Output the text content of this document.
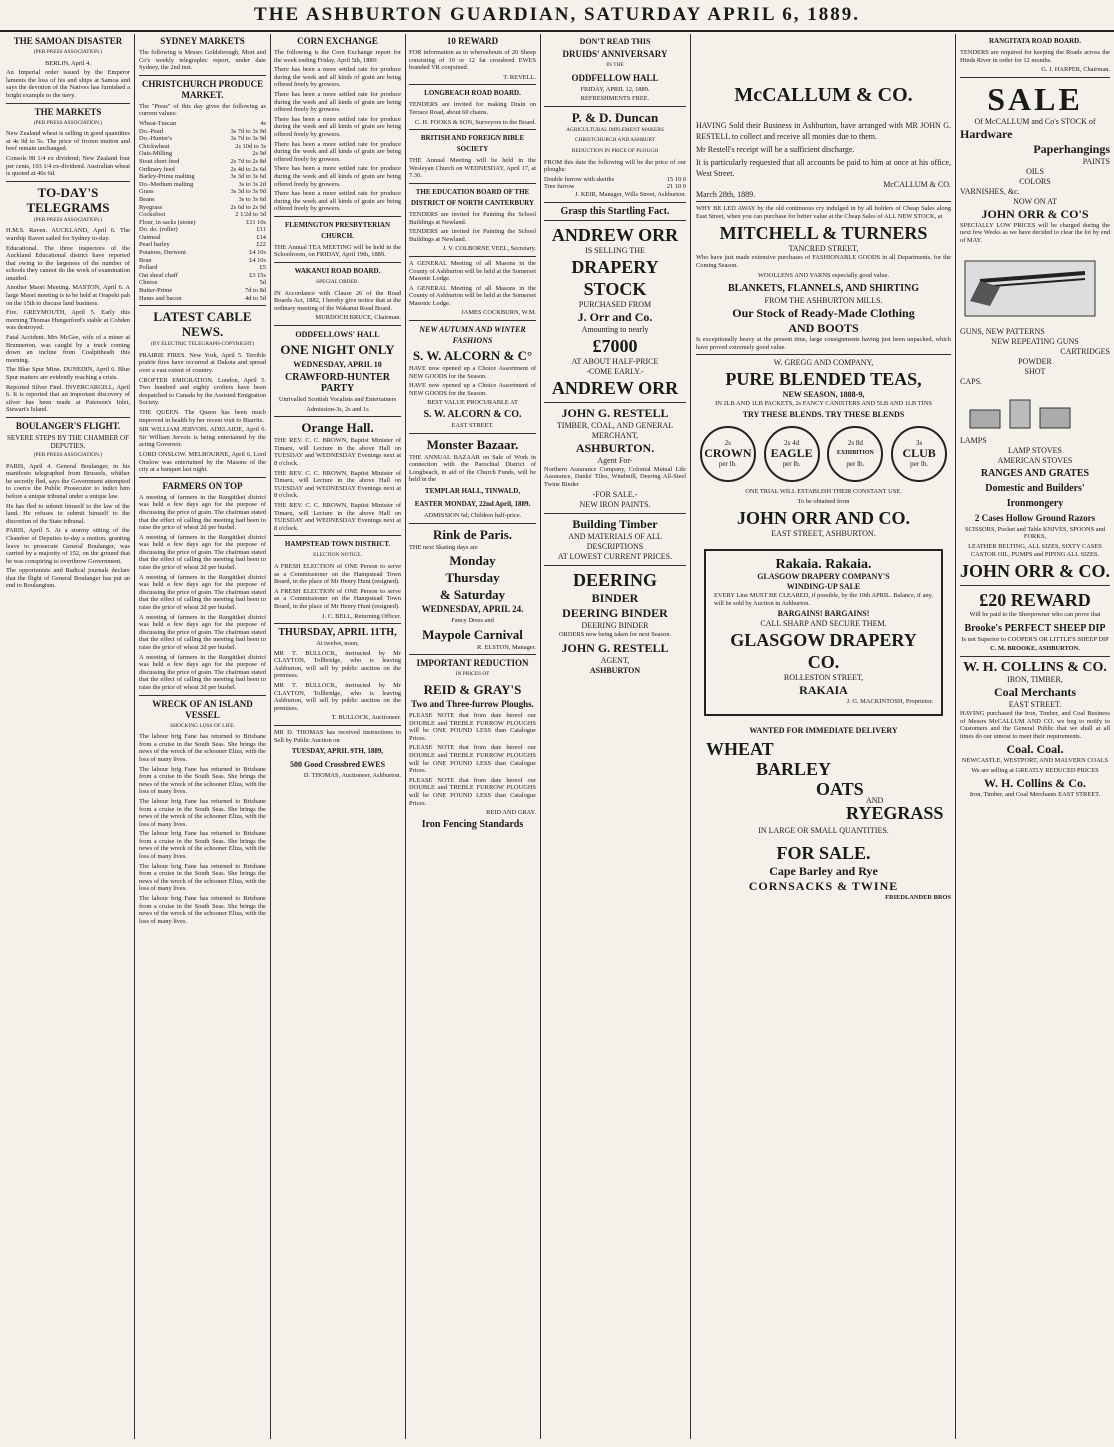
THE ASHBURTON GUARDIAN, SATURDAY APRIL 6, 1889.
THE SAMOAN DISASTER
(PER PRESS ASSOCIATION.)
BERLIN, April 4.
An Imperial order issued by the Emperor laments the loss of his and ships at Samoa and says the devotion of the Natives has furnished a bright example to the navy.
THE MARKETS
(PER PRESS ASSOCIATION.)
New Zealand wheat is selling in good quantities at 4s 9d to 5s. The price of frozen mutton and beef remain unchanged.
Consols 98 1/4 ex dividend; New Zealand four per cents, 103 1/4 ex-dividend. Australian wheat is quoted at 40s 6d.
TO-DAY'S TELEGRAMS
(PER PRESS ASSOCIATION.)
H.M.S. Raven. AUCKLAND, April 6. The warship Raven sailed for Sydney to-day.
Educational. The three inspectors of the Auckland Educational district have reported that owing to the largeness of the number of schools they cannot do the work of examination unaided.
Another Maori Meeting. MASTON, April 6. A large Maori meeting is to be held at Orapeki pah on the 15th to discuss land business.
Fire. GREYMOUTH, April 5. Early this morning Thomas Hungerford's stable at Cobden was destroyed.
Fatal Accident. Mrs McGee, wife of a miner at Brunnerton, was caught by a truck coming down an incline from Coalpitheath this morning.
The Blue Spur Mine. DUNEDIN, April 6. Blue Spur matters are evidently reaching a crisis.
Reported Silver Find. INVERCARGILL, April 6. It is reported that an important discovery of silver has been made at Paterson's Inlet, Stewart's Island.
BOULANGER'S FLIGHT.
SEVERE STEPS BY THE CHAMBER OF DEPUTIES.
(PER PRESS ASSOCIATION.)
PARIS, April 4. General Boulanger, in his manifesto telegraphed from Brussels, whither he secretly fled, says the Government attempted to coerce the Public Prosecutor to indict him before a unique tribunal under a unique law.
He has fled to submit himself to the law of the land. He refuses to submit himself to the discretion of the State tribunal.
PARIS, April 5. At a stormy sitting of the Chamber of Deputies to-day a motion, granting leave to prosecute General Boulanger, was carried by a majority of 152, on the ground that he was conspiring to overthrow Government.
The opportunists and Radical journals declare that the flight of General Boulanger has put an end to Boulangism.
SYDNEY MARKETS
The following is Messrs Goldsbrough, Mort and Co's weekly telegraphic report, under date Sydney, the 2nd inst.
CHRISTCHURCH PRODUCE MARKET.
The "Press" of this day gives the following as current values:
Wheat-Tuscan	4s
Do.-Pearl	3s 7d to 3s 9d
Do.-Hunter's	3s 7d to 3s 9d
Chickwheat	2s 10d to 3s
Oats-Milling	2s 9d
Stout short feed	2s 7d to 2s 8d
Ordinary feed	2s 4d to 2s 6d
Barley-Prime malting	3s 3d to 3s 6d
Do.-Medium malting	3s to 3s 2d
Grass	3s 3d to 3s 9d
Beans	3s to 3s 6d
Ryegrass	2s 6d to 2s 9d
Cocksfoot	2 1/2d to 3d
Flour, in sacks (stone)	£11 10s
Do. do. (roller)	£11
Oatmeal	£14
Pearl barley	£22
Potatoes, Derwent	£4 10s
Bran	£4 10s
Pollard	£5
Oat sheaf chaff	£3 15s
Cheese	5d
Butter-Prime	7d to 8d
Hams and bacon	4d to 5d
LATEST CABLE NEWS.
(BY ELECTRIC TELEGRAPH-COPYRIGHT)
PRAIRIE FIRES. New York, April 5. Terrible prairie fires have occurred at Dakota and spread over a vast extent of country.
CROFTER EMIGRATION. London, April 5. Two hundred and eighty crofters have been despatched to Canada by the Assisted Emigration Society.
THE QUEEN. The Queen has been much improved in health by her recent visit to Biarritz.
SIR WILLIAM JERVOIS. ADELAIDE, April 6. Sir William Jervois is being entertained by the acting Governor.
LORD ONSLOW. MELBOURNE, April 6. Lord Onslow was entertained by the Masons of the city at a banquet last night.
FARMERS ON TOP
A meeting of farmers in the Rangitikei district was held a few days ago for the purpose of discussing the price of grain. The chairman stated that the effect of calling the meeting had been to raise the price of wheat 2d per bushel.
A meeting of farmers in the Rangitikei district was held a few days ago for the purpose of discussing the price of grain. The chairman stated that the effect of calling the meeting had been to raise the price of wheat 2d per bushel.
A meeting of farmers in the Rangitikei district was held a few days ago for the purpose of discussing the price of grain. The chairman stated that the effect of calling the meeting had been to raise the price of wheat 2d per bushel.
A meeting of farmers in the Rangitikei district was held a few days ago for the purpose of discussing the price of grain. The chairman stated that the effect of calling the meeting had been to raise the price of wheat 2d per bushel.
A meeting of farmers in the Rangitikei district was held a few days ago for the purpose of discussing the price of grain. The chairman stated that the effect of calling the meeting had been to raise the price of wheat 2d per bushel.
WRECK OF AN ISLAND VESSEL
SHOCKING LOSS OF LIFE.
The labour brig Fane has returned to Brisbane from a cruise in the South Seas. She brings the news of the wreck of the schooner Eliza, with the loss of many lives.
The labour brig Fane has returned to Brisbane from a cruise in the South Seas. She brings the news of the wreck of the schooner Eliza, with the loss of many lives.
The labour brig Fane has returned to Brisbane from a cruise in the South Seas. She brings the news of the wreck of the schooner Eliza, with the loss of many lives.
The labour brig Fane has returned to Brisbane from a cruise in the South Seas. She brings the news of the wreck of the schooner Eliza, with the loss of many lives.
The labour brig Fane has returned to Brisbane from a cruise in the South Seas. She brings the news of the wreck of the schooner Eliza, with the loss of many lives.
The labour brig Fane has returned to Brisbane from a cruise in the South Seas. She brings the news of the wreck of the schooner Eliza, with the loss of many lives.
CORN EXCHANGE
The following is the Corn Exchange report for the week ending Friday, April 5th, 1889:
There has been a more settled rate for produce during the week and all kinds of grain are being offered freely by growers.
There has been a more settled rate for produce during the week and all kinds of grain are being offered freely by growers.
There has been a more settled rate for produce during the week and all kinds of grain are being offered freely by growers.
There has been a more settled rate for produce during the week and all kinds of grain are being offered freely by growers.
There has been a more settled rate for produce during the week and all kinds of grain are being offered freely by growers.
There has been a more settled rate for produce during the week and all kinds of grain are being offered freely by growers.
FLEMINGTON PRESBYTERIAN CHURCH.
THE Annual TEA MEETING will be held in the Schoolroom, on FRIDAY, April 19th, 1889.
WAKANUI ROAD BOARD.
SPECIAL ORDER.
IN Accordance with Clause 26 of the Road Boards Act, 1882, I hereby give notice that at the ordinary meeting of the Wakanui Road Board.
MURDOCH BRUCE, Chairman.
ODDFELLOWS' HALL
ONE NIGHT ONLY
WEDNESDAY, APRIL 10
CRAWFORD-HUNTER PARTY
Unrivalled Scottish Vocalists and Entertainers
Admission-3s, 2s and 1s
Orange Hall.
THE REV. C. C. BROWN, Baptist Minister of Timaru, will Lecture in the above Hall on TUESDAY and WEDNESDAY Evenings next at 8 o'clock.
THE REV. C. C. BROWN, Baptist Minister of Timaru, will Lecture in the above Hall on TUESDAY and WEDNESDAY Evenings next at 8 o'clock.
THE REV. C. C. BROWN, Baptist Minister of Timaru, will Lecture in the above Hall on TUESDAY and WEDNESDAY Evenings next at 8 o'clock.
HAMPSTEAD TOWN DISTRICT.
ELECTION NOTICE.
A FRESH ELECTION of ONE Person to serve as a Commissioner on the Hampstead Town Board, in the place of Mr Henry Hunt (resigned).
A FRESH ELECTION of ONE Person to serve as a Commissioner on the Hampstead Town Board, in the place of Mr Henry Hunt (resigned).
J. C. BELL, Returning Officer.
THURSDAY, APRIL 11TH,
At twelve, noon,
MR T. BULLOCK, instructed by Mr CLAYTON, Tollbridge, who is leaving Ashburton, will sell by public auction on the premises.
MR T. BULLOCK, instructed by Mr CLAYTON, Tollbridge, who is leaving Ashburton, will sell by public auction on the premises.
T. BULLOCK, Auctioneer.
MR D. THOMAS has received instructions to Sell by Public Auction on
TUESDAY, APRIL 9TH, 1889,
500 Good Crossbred EWES
D. THOMAS, Auctioneer, Ashburton.
10 REWARD
FOR information as to whereabouts of 20 Sheep consisting of 10 or 12 fat crossbred EWES branded VR conjoined.
T. REVELL.
LONGBEACH ROAD BOARD.
TENDERS are invited for making Drain on Terrace Road, about 60 chains.
C. H. FOOKS & SON, Surveyors to the Board.
BRITISH AND FOREIGN BIBLE SOCIETY
THE Annual Meeting will be held in the Wesleyan Church on WEDNESDAY, April 17, at 7.30.
THE EDUCATION BOARD OF THE DISTRICT OF NORTH CANTERBURY
TENDERS are invited for Painting the School Buildings at Newland.
TENDERS are invited for Painting the School Buildings at Newland.
J. V. COLBORNE VEEL, Secretary.
A GENERAL Meeting of all Masons in the County of Ashburton will be held at the Somerset Masonic Lodge.
A GENERAL Meeting of all Masons in the County of Ashburton will be held at the Somerset Masonic Lodge.
JAMES COCKBURN, W.M.
NEW AUTUMN AND WINTER FASHIONS
S. W. ALCORN & C°
HAVE now opened up a Choice Assortment of NEW GOODS for the Season.
HAVE now opened up a Choice Assortment of NEW GOODS for the Season.
BEST VALUE PROCURABLE AT
S. W. ALCORN & CO.
EAST STREET.
Monster Bazaar.
THE ANNUAL BAZAAR on Sale of Work in connection with the Parochial District of Longbeach, in aid of the Church Funds, will be held in the
TEMPLAR HALL, TINWALD,
EASTER MONDAY, 22nd April, 1889.
ADMISSION 6d; Children half-price.
Rink de Paris.
THE next Skating days are
Monday
Thursday
& Saturday
WEDNESDAY, APRIL 24.
Fancy Dress and
Maypole Carnival
R. ELSTON, Manager.
IMPORTANT REDUCTION
IN PRICES OF
REID & GRAY'S
Two and Three-furrow Ploughs.
PLEASE NOTE that from date hereof our DOUBLE and TREBLE FURROW PLOUGHS will be ONE POUND LESS than Catalogue Prices.
PLEASE NOTE that from date hereof our DOUBLE and TREBLE FURROW PLOUGHS will be ONE POUND LESS than Catalogue Prices.
PLEASE NOTE that from date hereof our DOUBLE and TREBLE FURROW PLOUGHS will be ONE POUND LESS than Catalogue Prices.
REID AND GRAY.
Iron Fencing Standards
DON'T READ THIS
DRUIDS' ANNIVERSARY
IN THE
ODDFELLOW HALL
FRIDAY, APRIL 12, 1889.
REFRESHMENTS FREE.
P. & D. Duncan
AGRICULTURAL IMPLEMENT MAKERS
CHRISTCHURCH AND ASHBURT
REDUCTION IN PRICE OF PLOUGH
FROM this date the following will be the price of our ploughs:
Double furrow with skeiths	15 10 0
Tree furrow	21 10 0
J. KEIR, Manager, Wills Street, Ashburton.
Grasp this Startling Fact.
ANDREW ORR
IS SELLING THE
DRAPERY STOCK
PURCHASED FROM
J. Orr and Co.
Amounting to nearly
£7000
AT ABOUT HALF-PRICE
-COME EARLY.-
ANDREW ORR
JOHN G. RESTELL
TIMBER, COAL, AND GENERAL MERCHANT,
ASHBURTON.
Agent For-
Northern Assurance Company, Colonial Mutual Life Assurance, Danks' Tiles, Windmill, Deering All-Steel Twine Binder
-FOR SALE.-
NEW IRON PAINTS.
Building Timber
AND MATERIALS OF ALL DESCRIPTIONS
AT LOWEST CURRENT PRICES.
DEERING
BINDER
DEERING BINDER
DEERING BINDER
ORDERS now being taken for next Season.
JOHN G. RESTELL
AGENT,
ASHBURTON
McCALLUM & CO.
HAVING Sold their Business in Ashburton, have arranged with MR JOHN G. RESTELL to collect and receive all monies due to them.
Mr Restell's receipt will be a sufficient discharge.
It is particularly requested that all accounts be paid to him at once at his office, West Street.
McCALLUM & CO.
March 28th, 1889.
WHY BE LED AWAY by the old continuous cry indulged in by all holders of Cheap Sales along East Street, when you can purchase for better value at the Cheap Sales of ALL NEW STOCK, at
MITCHELL & TURNERS
TANCRED STREET,
Who have just made extensive purchases of FASHIONABLE GOODS in all Departments, for the Coming Season.
WOOLLENS AND YARNS especially good value.
BLANKETS, FLANNELS, AND SHIRTING
FROM THE ASHBURTON MILLS.
Our Stock of Ready-Made Clothing
AND BOOTS
Is exceptionally heavy at the present time, large consignments having just been unpacked, which have proved extremely good value.
W. GREGG AND COMPANY,
PURE BLENDED TEAS,
NEW SEASON, 1888-9,
IN 2LB AND 1LB PACKETS, 2s FANCY CANISTERS AND 5LB AND 1LB TINS
TRY THESE BLENDS. TRY THESE BLENDS
2s
CROWN
per lb.
2s 4d
EAGLE
per lb.
2s 8d
EXHIBITION
per lb.
3s
CLUB
per lb.
ONE TRIAL WILL ESTABLISH THEIR CONSTANT USE.
To be obtained from
JOHN ORR AND CO.
EAST STREET, ASHBURTON.
Rakaia. Rakaia.
GLASGOW DRAPERY COMPANY'S
WINDING-UP SALE
EVERY Line MUST BE CLEARED, if possible, by the 10th APRIL. Balance, if any, will be sold by Auction in Ashburton.
BARGAINS! BARGAINS!
CALL SHARP AND SECURE THEM.
GLASGOW DRAPERY CO.
ROLLESTON STREET,
RAKAIA
J. G. MACKINTOSH, Proprietor.
WANTED FOR IMMEDIATE DELIVERY
WHEAT
BARLEY
OATS
AND
RYEGRASS
IN LARGE OR SMALL QUANTITIES.
FOR SALE.
Cape Barley and Rye
CORNSACKS & TWINE
FRIEDLANDER BROS
RANGITATA ROAD BOARD.
TENDERS are required for keeping the Roads across the Hinds River in order for 12 months.
G. J. HARPER, Chairman.
SALE
Of McCALLUM and Co's STOCK of
Hardware
Paperhangings
PAINTS
OILS
COLORS
VARNISHES, &c.
NOW ON AT
JOHN ORR & CO'S
SPECIALLY LOW PRICES will be charged during the next few Weeks as we have decided to clear the lot by end of MAY.
GUNS, NEW PATTERNS
NEW REPEATING GUNS
CARTRIDGES
POWDER
SHOT
CAPS.
LAMPS
LAMP STOVES
AMERICAN STOVES
RANGES AND GRATES
Domestic and Builders' Ironmongery
2 Cases Hollow Ground Razors
SCISSORS, Pocket and Table KNIVES, SPOONS and FORKS,
LEATHER BELTING, ALL SIZES, SIXTY CASES CASTOR OIL, PUMPS and PIPING ALL SIZES.
JOHN ORR & CO.
£20 REWARD
Will be paid to the Sheepowner who can prove that
Brooke's PERFECT SHEEP DIP
Is not Superior to COOPER'S OR LITTLE'S SHEEP DIP
C. M. BROOKE, ASHBURTON.
W. H. COLLINS & CO.
IRON, TIMBER,
Coal Merchants
EAST STREET.
HAVING purchased the Iron, Timber, and Coal Business of Messrs McCALLUM AND CO. we beg to notify to Customers and the General Public that we shall at all times do our utmost to meet their requirements.
Coal. Coal.
NEWCASTLE, WESTPORT, AND MALVERN COALS
We are selling at GREATLY REDUCED PRICES
W. H. Collins & Co.
Iron, Timber, and Coal Merchants EAST STREET.
